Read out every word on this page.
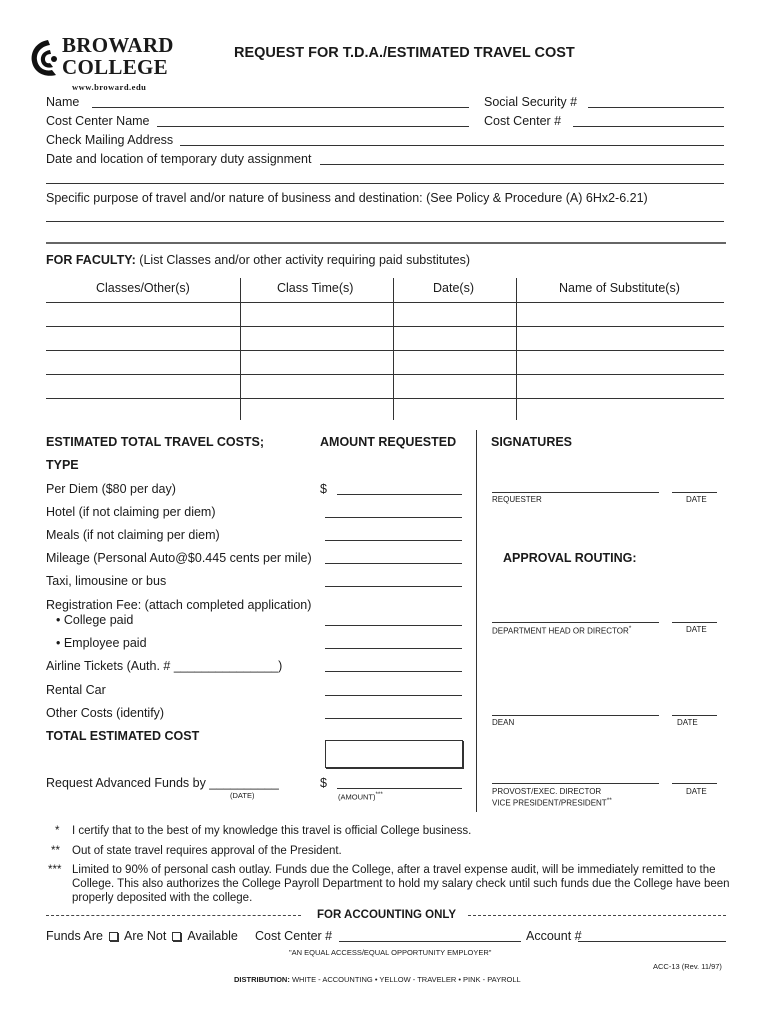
BROWARD
COLLEGE
www.broward.edu
REQUEST FOR T.D.A./ESTIMATED TRAVEL COST
Name	Social Security #
Cost Center Name	Cost Center #
Check Mailing Address
Date and location of temporary duty assignment
Specific purpose of travel and/or nature of business and destination: (See Policy & Procedure (A) 6Hx2-6.21)
FOR FACULTY: (List Classes and/or other activity requiring paid substitutes)
Classes/Other(s)	Class Time(s)	Date(s)	Name of Substitute(s)
ESTIMATED TOTAL TRAVEL COSTS;	AMOUNT REQUESTED	SIGNATURES
TYPE
Per Diem ($80 per day)	$
Hotel (if not claiming per diem)
Meals (if not claiming per diem)
Mileage (Personal Auto@$0.445 cents per mile)
Taxi, limousine or bus
Registration Fee: (attach completed application)
• College paid
• Employee paid
Airline Tickets (Auth. # _______________)
Rental Car
Other Costs (identify)
TOTAL ESTIMATED COST
Request Advanced Funds by __________
(DATE)
$
(AMOUNT)***
REQUESTER	DATE
APPROVAL ROUTING:
DEPARTMENT HEAD OR DIRECTOR*	DATE
DEAN	DATE
PROVOST/EXEC. DIRECTOR	DATE
VICE PRESIDENT/PRESIDENT**
* I certify that to the best of my knowledge this travel is official College business.
** Out of state travel requires approval of the President.
*** Limited to 90% of personal cash outlay. Funds due the College, after a travel expense audit, will be immediately remitted to the
College. This also authorizes the College Payroll Department to hold my salary check until such funds due the College have been
properly deposited with the college.
FOR ACCOUNTING ONLY
Funds Are Are Not Available Cost Center #	Account #
"AN EQUAL ACCESS/EQUAL OPPORTUNITY EMPLOYER"
ACC-13 (Rev. 11/97)
DISTRIBUTION: WHITE - ACCOUNTING • YELLOW - TRAVELER • PINK - PAYROLL
